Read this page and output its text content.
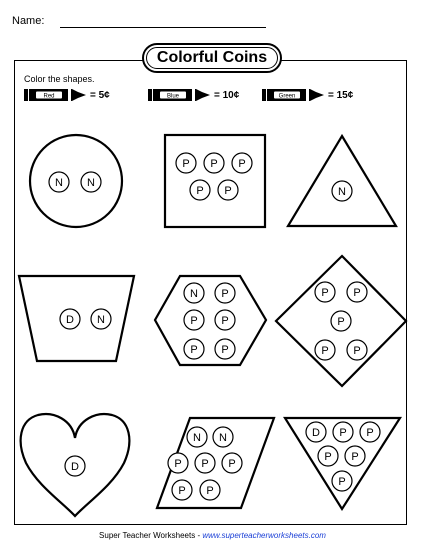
Name:
Colorful Coins
Color the shapes.
Red	= 5¢	Blue	= 10¢	Green	= 15¢
N N
P P P
P P	N
D N
N P
P P
P P
P P
P
P P
D
N N
P P P
P P
D P P
P P
P
Super Teacher Worksheets - www.superteacherworksheets.com
